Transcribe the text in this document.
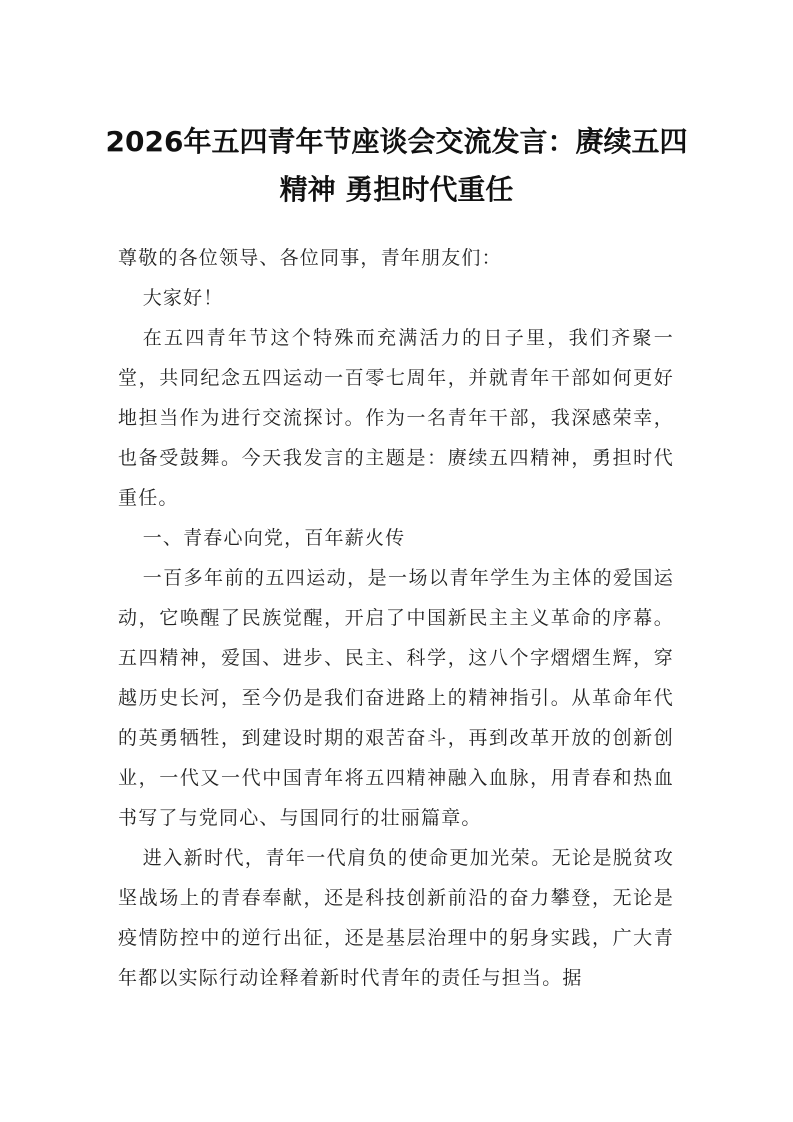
2026年五四青年节座谈会交流发言：赓续五四精神 勇担时代重任

尊敬的各位领导、各位同事，青年朋友们：

大家好！

在五四青年节这个特殊而充满活力的日子里，我们齐聚一堂，共同纪念五四运动一百零七周年，并就青年干部如何更好地担当作为进行交流探讨。作为一名青年干部，我深感荣幸，也备受鼓舞。今天我发言的主题是：赓续五四精神，勇担时代重任。

一、青春心向党，百年薪火传

一百多年前的五四运动，是一场以青年学生为主体的爱国运动，它唤醒了民族觉醒，开启了中国新民主主义革命的序幕。五四精神，爱国、进步、民主、科学，这八个字熠熠生辉，穿越历史长河，至今仍是我们奋进路上的精神指引。从革命年代的英勇牺牲，到建设时期的艰苦奋斗，再到改革开放的创新创业，一代又一代中国青年将五四精神融入血脉，用青春和热血书写了与党同心、与国同行的壮丽篇章。

进入新时代，青年一代肩负的使命更加光荣。无论是脱贫攻坚战场上的青春奉献，还是科技创新前沿的奋力攀登，无论是疫情防控中的逆行出征，还是基层治理中的躬身实践，广大青年都以实际行动诠释着新时代青年的责任与担当。据
